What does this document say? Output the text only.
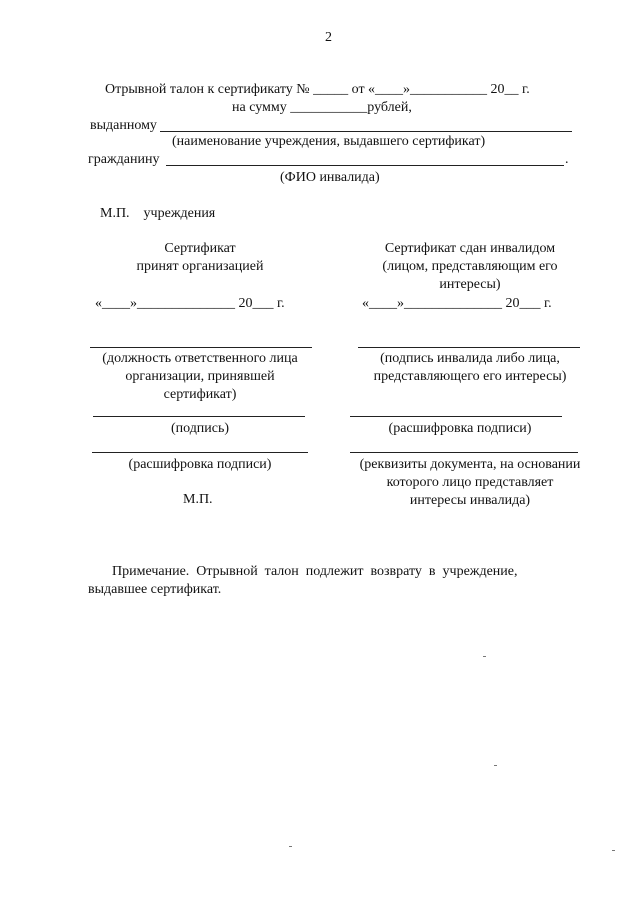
2
Отрывной талон к сертификату № _____ от «____»___________ 20__ г.
на сумму ___________рублей,
выданному
(наименование учреждения, выдавшего сертификат)
гражданину	.
(ФИО инвалида)
М.П.    учреждения
Сертификат
принят организацией
«____»______________ 20___ г.
(должность ответственного лица
организации, принявшей
сертификат)
(подпись)
(расшифровка подписи)
М.П.
Сертификат сдан инвалидом
(лицом, представляющим его
интересы)
«____»______________ 20___ г.
(подпись инвалида либо лица,
представляющего его интересы)
(расшифровка подписи)
(реквизиты документа, на основании
которого лицо представляет
интересы инвалида)
Примечание.  Отрывной  талон  подлежит  возврату  в  учреждение,
выдавшее сертификат.
